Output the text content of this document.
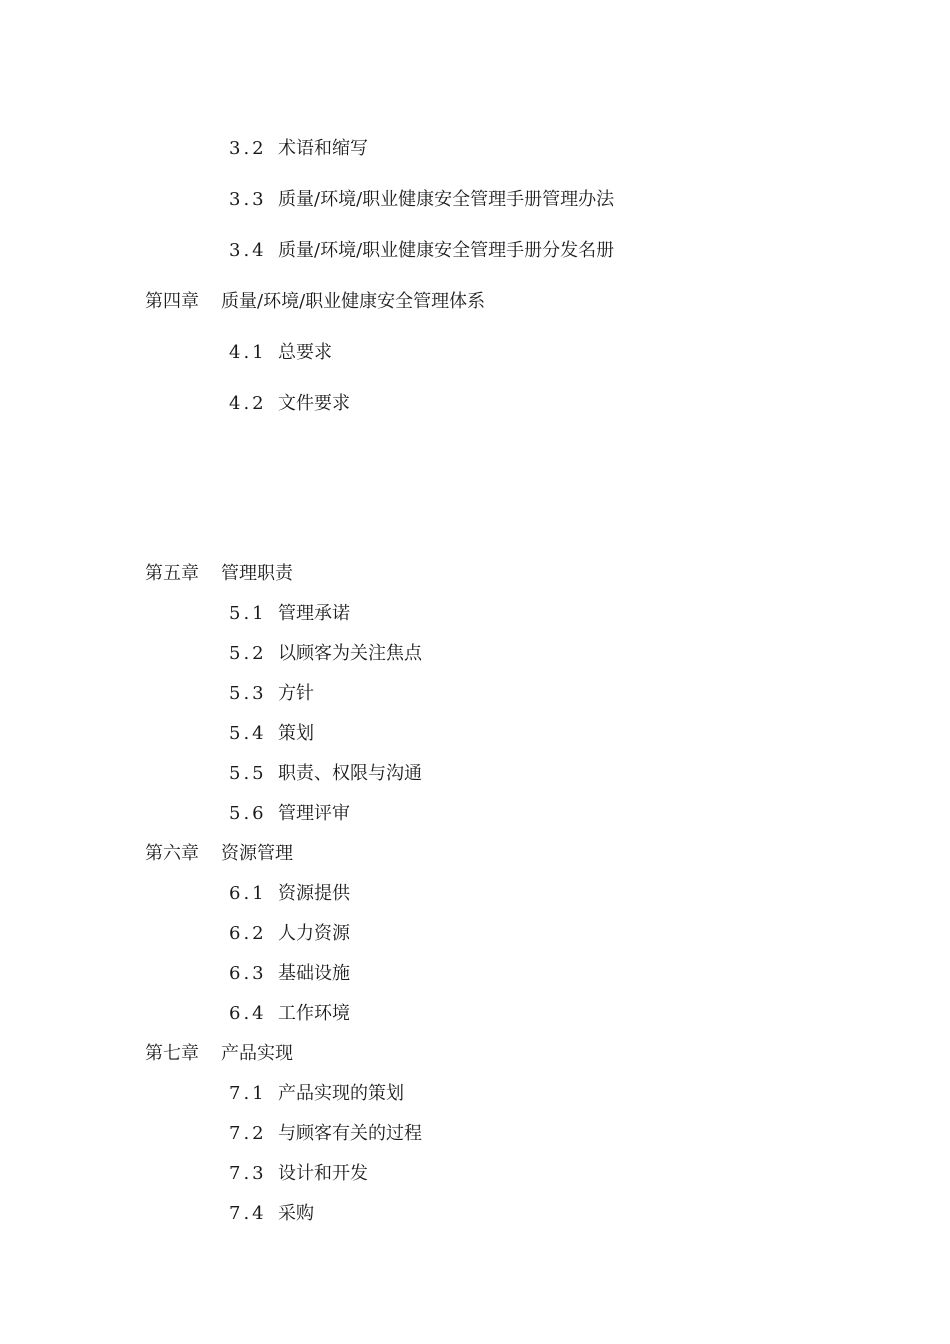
3.2 术语和缩写
3.3 质量/环境/职业健康安全管理手册管理办法
3.4 质量/环境/职业健康安全管理手册分发名册
第四章 质量/环境/职业健康安全管理体系
4.1 总要求
4.2 文件要求
第五章 管理职责
5.1 管理承诺
5.2 以顾客为关注焦点
5.3 方针
5.4 策划
5.5 职责、权限与沟通
5.6 管理评审
第六章 资源管理
6.1 资源提供
6.2 人力资源
6.3 基础设施
6.4 工作环境
第七章 产品实现
7.1 产品实现的策划
7.2 与顾客有关的过程
7.3 设计和开发
7.4 采购
